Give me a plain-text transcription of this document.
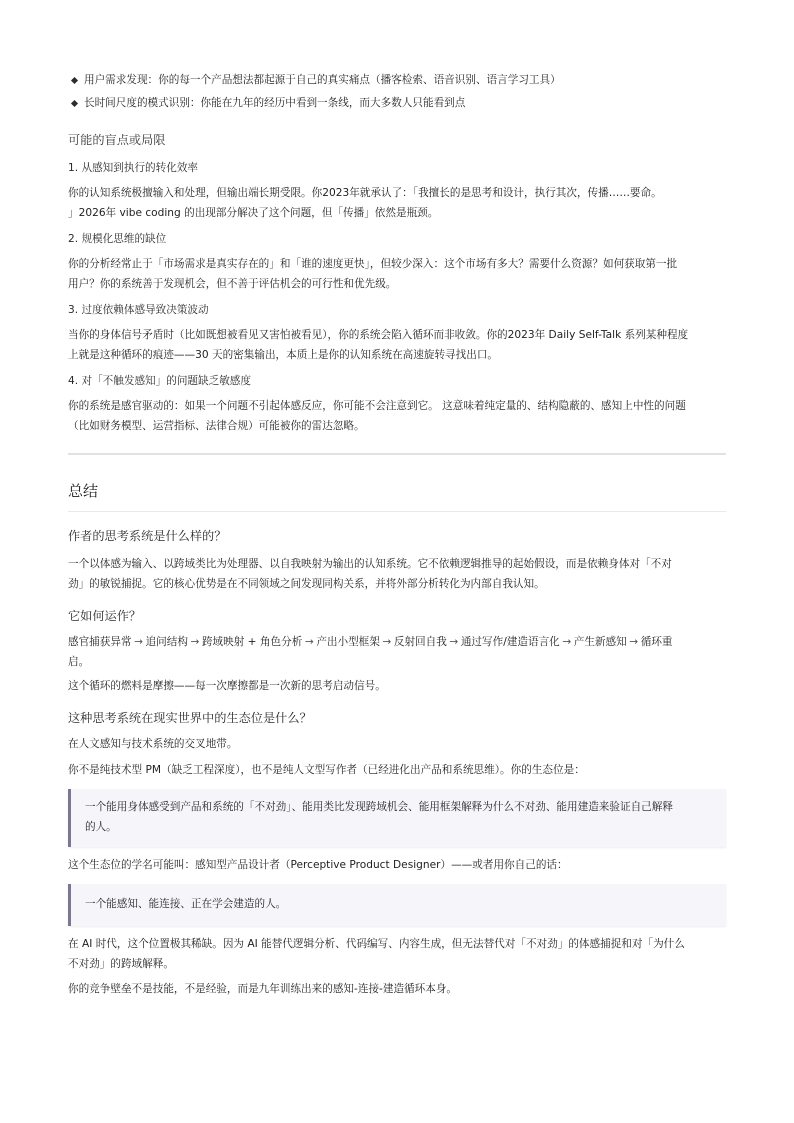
用户需求发现：你的每一个产品想法都起源于自己的真实痛点（播客检索、语音识别、语言学习工具）
长时间尺度的模式识别：你能在九年的经历中看到一条线，而大多数人只能看到点
可能的盲点或局限
1. 从感知到执行的转化效率

你的认知系统极擅输入和处理，但输出端长期受限。你2023年就承认了：「我擅长的是思考和设计，执行其次，传播……要命。

」2026年 vibe coding 的出现部分解决了这个问题，但「传播」依然是瓶颈。

2. 规模化思维的缺位

你的分析经常止于「市场需求是真实存在的」和「谁的速度更快」，但较少深入：这个市场有多大？需要什么资源？如何获取第一批

用户？你的系统善于发现机会，但不善于评估机会的可行性和优先级。

3. 过度依赖体感导致决策波动

当你的身体信号矛盾时（比如既想被看见又害怕被看见），你的系统会陷入循环而非收敛。你的2023年 Daily Self-Talk 系列某种程度

上就是这种循环的痕迹——30 天的密集输出，本质上是你的认知系统在高速旋转寻找出口。

4. 对「不触发感知」的问题缺乏敏感度

你的系统是感官驱动的：如果一个问题不引起体感反应，你可能不会注意到它。 这意味着纯定量的、结构隐蔽的、感知上中性的问题

（比如财务模型、运营指标、法律合规）可能被你的雷达忽略。

总结
作者的思考系统是什么样的？

一个以体感为输入、以跨域类比为处理器、以自我映射为输出的认知系统。它不依赖逻辑推导的起始假设，而是依赖身体对「不对

劲」的敏锐捕捉。它的核心优势是在不同领域之间发现同构关系，并将外部分析转化为内部自我认知。

它如何运作？

感官捕获异常 → 追问结构 → 跨域映射 + 角色分析 → 产出小型框架 → 反射回自我 → 通过写作/建造语言化 → 产生新感知 → 循环重
启。

这个循环的燃料是摩擦——每一次摩擦都是一次新的思考启动信号。

这种思考系统在现实世界中的生态位是什么？

在人文感知与技术系统的交叉地带。

你不是纯技术型 PM（缺乏工程深度），也不是纯人文型写作者（已经进化出产品和系统思维）。你的生态位是：

一个能用身体感受到产品和系统的「不对劲」、能用类比发现跨域机会、能用框架解释为什么不对劲、能用建造来验证自己解释

的人。

这个生态位的学名可能叫：感知型产品设计者（Perceptive Product Designer）——或者用你自己的话：

一个能感知、能连接、正在学会建造的人。

在 AI 时代，这个位置极其稀缺。因为 AI 能替代逻辑分析、代码编写、内容生成，但无法替代对「不对劲」的体感捕捉和对「为什么

不对劲」的跨域解释。

你的竞争壁垒不是技能，不是经验，而是九年训练出来的感知-连接-建造循环本身。
